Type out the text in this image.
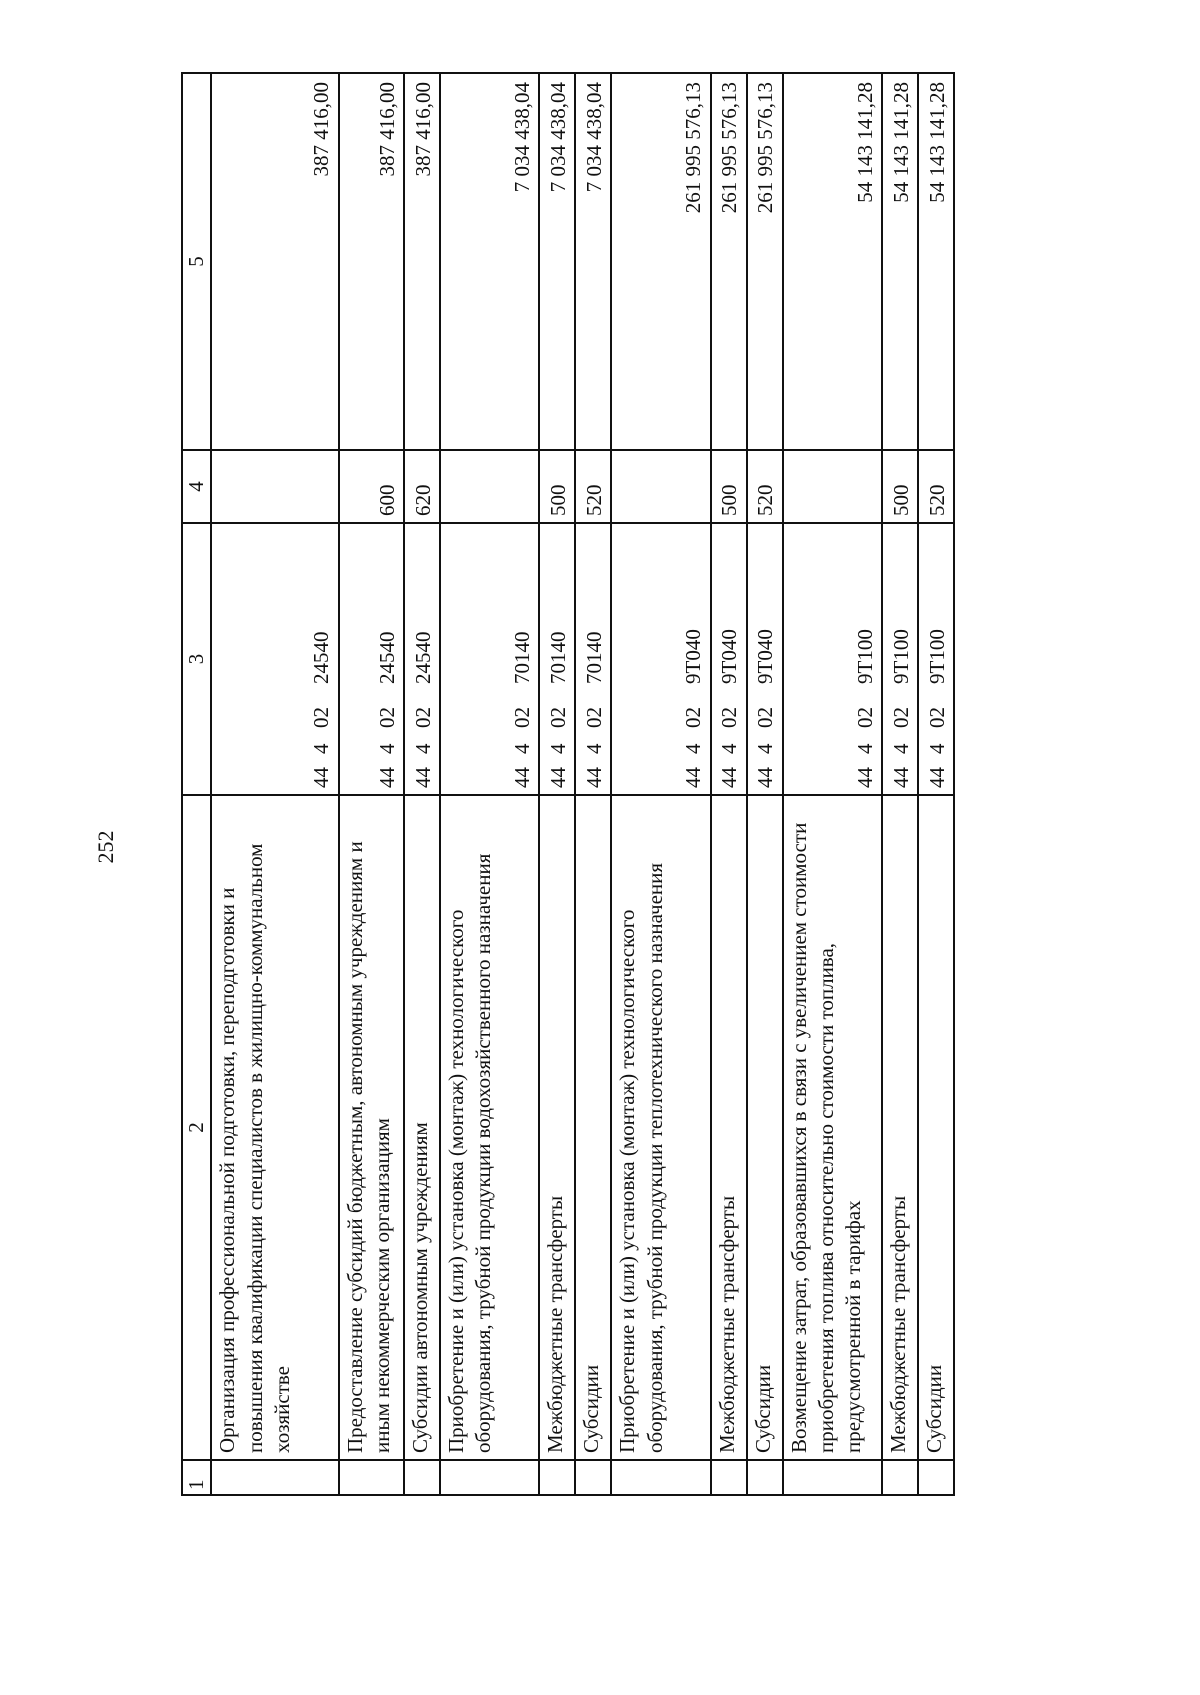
252
1	2	3	4	5
	Организация профессиональной подготовки, переподготовки и повышения квалификации специалистов в жилищно-коммунальном хозяйстве	4440224540		387 416,00
	Предоставление субсидий бюджетным, автономным учреждениям и иным некоммерческим организациям	4440224540	600	387 416,00
	Субсидии автономным учреждениям	4440224540	620	387 416,00
	Приобретение и (или) установка (монтаж) технологического оборудования, трубной продукции водохозяйственного назначения	4440270140		7 034 438,04
	Межбюджетные трансферты	4440270140	500	7 034 438,04
	Субсидии	4440270140	520	7 034 438,04
	Приобретение и (или) установка (монтаж) технологического оборудования, трубной продукции теплотехнического назначения	444029Т040		261 995 576,13
	Межбюджетные трансферты	444029Т040	500	261 995 576,13
	Субсидии	444029Т040	520	261 995 576,13
	Возмещение затрат, образовавшихся в связи с увеличением стоимости приобретения топлива относительно стоимости топлива, предусмотренной в тарифах	444029Т100		54 143 141,28
	Межбюджетные трансферты	444029Т100	500	54 143 141,28
	Субсидии	444029Т100	520	54 143 141,28
